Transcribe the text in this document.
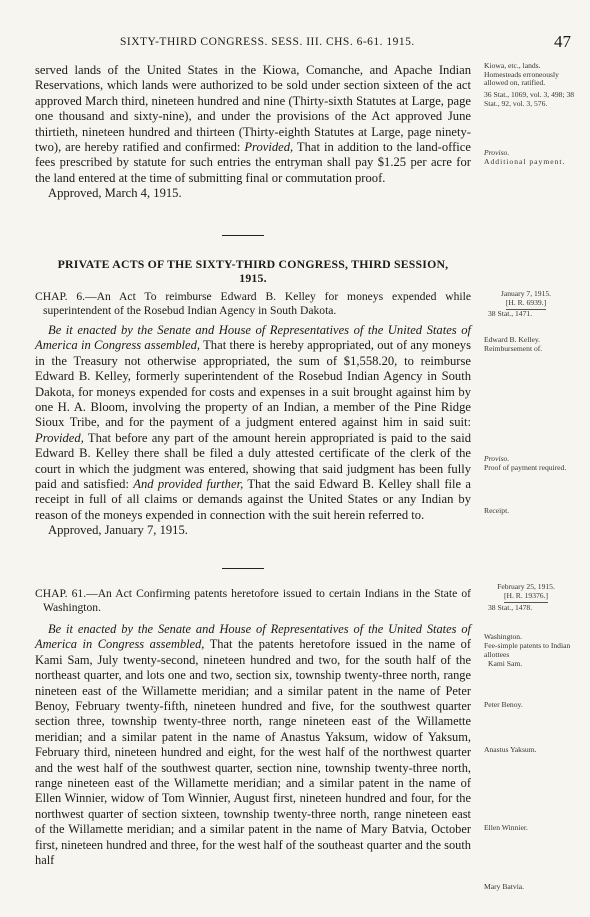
SIXTY-THIRD CONGRESS. SESS. III. CHS. 6-61. 1915.	47

served lands of the United States in the Kiowa, Comanche, and Apache Indian Reservations, which lands were authorized to be sold under section sixteen of the act approved March third, nineteen hundred and nine (Thirty-sixth Statutes at Large, page one thousand and sixty-nine), and under the provisions of the Act approved June thirtieth, nineteen hundred and thirteen (Thirty-eighth Statutes at Large, page ninety-two), are hereby ratified and confirmed: Provided, That in addition to the land-office fees prescribed by statute for such entries the entryman shall pay $1.25 per acre for the land entered at the time of submitting final or commutation proof.

Approved, March 4, 1915.

Kiowa, etc., lands. Homesteads erroneously allowed on, ratified.
36 Stat., 1069, vol. 3, 498; 38 Stat., 92, vol. 3, 576.
Proviso.
Additional payment.
PRIVATE ACTS OF THE SIXTY-THIRD CONGRESS, THIRD SESSION,
1915.

CHAP. 6.—An Act To reimburse Edward B. Kelley for moneys expended while superintendent of the Rosebud Indian Agency in South Dakota.

Be it enacted by the Senate and House of Representatives of the United States of America in Congress assembled, That there is hereby appropriated, out of any moneys in the Treasury not otherwise appropriated, the sum of $1,558.20, to reimburse Edward B. Kelley, formerly superintendent of the Rosebud Indian Agency in South Dakota, for moneys expended for costs and expenses in a suit brought against him by one H. A. Bloom, involving the property of an Indian, a member of the Pine Ridge Sioux Tribe, and for the payment of a judgment entered against him in said suit: Provided, That before any part of the amount herein appropriated is paid to the said Edward B. Kelley there shall be filed a duly attested certificate of the clerk of the court in which the judgment was entered, showing that said judgment has been fully paid and satisfied: And provided further, That the said Edward B. Kelley shall file a receipt in full of all claims or demands against the United States or any Indian by reason of the moneys expended in connection with the suit herein referred to.

Approved, January 7, 1915.

January 7, 1915.
[H. R. 6939.]
38 Stat., 1471.
Edward B. Kelley.
Reimbursement of.
Proviso.
Proof of payment required.
Receipt.

CHAP. 61.—An Act Confirming patents heretofore issued to certain Indians in the State of Washington.

Be it enacted by the Senate and House of Representatives of the United States of America in Congress assembled, That the patents heretofore issued in the name of Kami Sam, July twenty-second, nineteen hundred and two, for the south half of the northeast quarter, and lots one and two, section six, township twenty-three north, range nineteen east of the Willamette meridian; and a similar patent in the name of Peter Benoy, February twenty-fifth, nineteen hundred and five, for the southwest quarter section three, township twenty-three north, range nineteen east of the Willamette meridian; and a similar patent in the name of Anastus Yaksum, widow of Yaksum, February third, nineteen hundred and eight, for the west half of the northwest quarter and the west half of the southwest quarter, section nine, township twenty-three north, range nineteen east of the Willamette meridian; and a similar patent in the name of Ellen Winnier, widow of Tom Winnier, August first, nineteen hundred and four, for the northwest quarter of section sixteen, township twenty-three north, range nineteen east of the Willamette meridian; and a similar patent in the name of Mary Batvia, October first, nineteen hundred and three, for the west half of the southeast quarter and the south half

February 25, 1915.
[H. R. 19376.]
38 Stat., 1478.
Washington.
Fee-simple patents to Indian allottees
Kami Sam.
Peter Benoy.
Anastus Yaksum.
Ellen Winnier.
Mary Batvia.
